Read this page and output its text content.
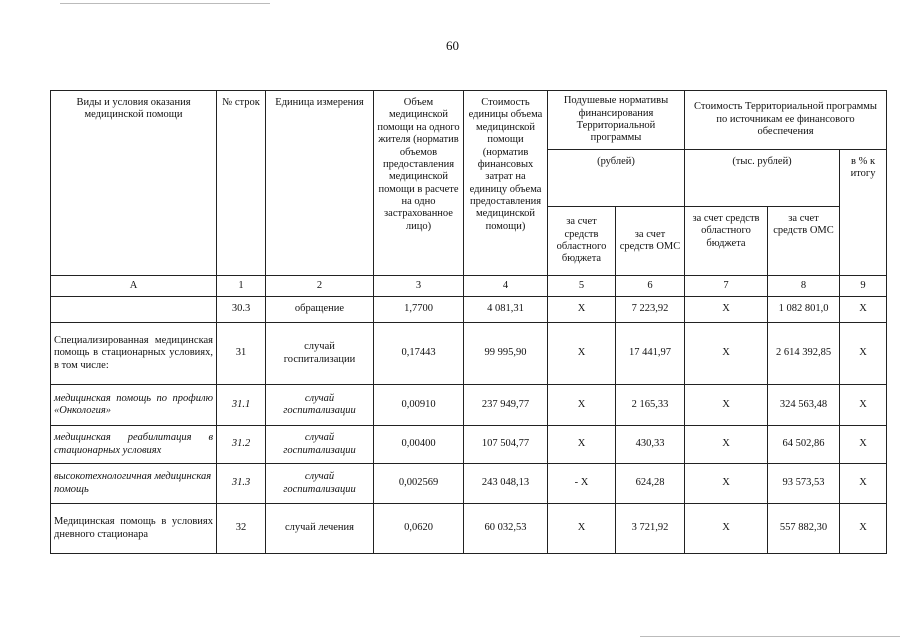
60
Виды и условия оказания медицинской помощи	№ строк	Единица измерения	Объем медицинской помощи на одного жителя (норматив объемов предоставления медицинской помощи в расчете на одно застрахованное лицо)	Стоимость единицы объема медицинской помощи (норматив финансовых затрат на единицу объема предоставления медицинской помощи)	Подушевые нормативы финансирования Территориальной программы		Стоимость Территориальной программы по источникам ее финансового обеспечения		
					(рублей)		(тыс. рублей)		в % к итогу
					за счет средств областного бюджета	за счет средств ОМС	за счет средств областного бюджета	за счет средств ОМС	
А	1	2	3	4	5	6	7	8	9
	30.3	обращение	1,7700	4 081,31	Х	7 223,92	Х	1 082 801,0	Х
Специализированная медицинская помощь в стационарных условиях, в том числе:	31	случай госпитализации	0,17443	99 995,90	Х	17 441,97	Х	2 614 392,85	Х
медицинская помощь по профилю «Онкология»	31.1	случай госпитализации	0,00910	237 949,77	Х	2 165,33	Х	324 563,48	Х
медицинская реабилитация в стационарных условиях	31.2	случай госпитализации	0,00400	107 504,77	Х	430,33	Х	64 502,86	Х
высокотехнологичная медицинская помощь	31.3	случай госпитализации	0,002569	243 048,13	- Х	624,28	Х	93 573,53	Х
Медицинская помощь в условиях дневного стационара	32	случай лечения	0,0620	60 032,53	Х	3 721,92	Х	557 882,30	Х
